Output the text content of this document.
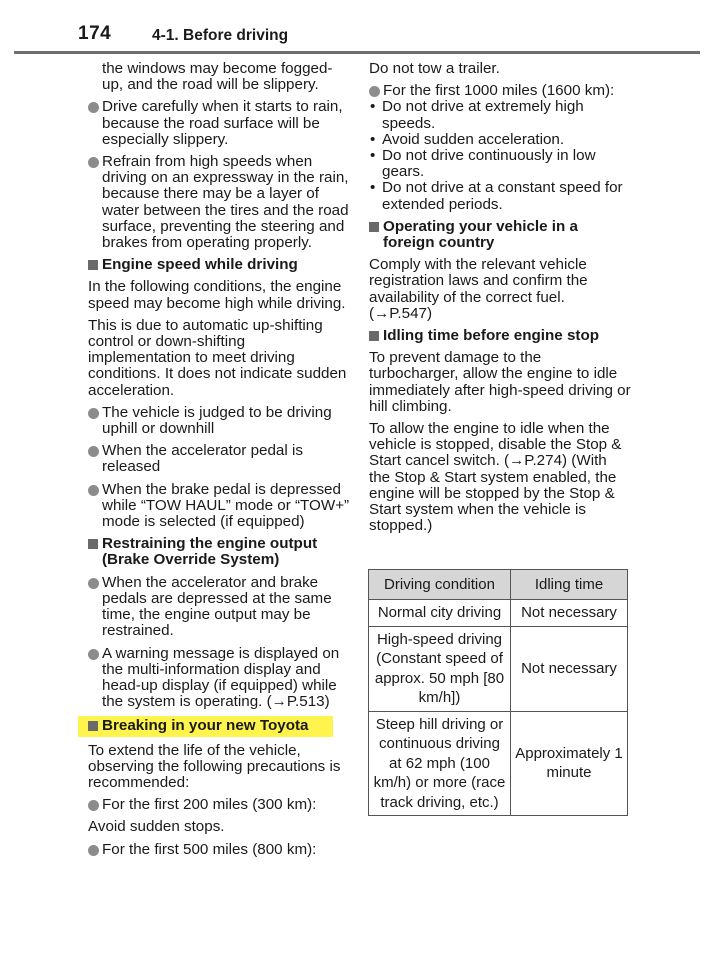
174	4-1. Before driving
the windows may become fogged-up, and the road will be slippery.
Drive carefully when it starts to rain, because the road surface will be especially slippery.
Refrain from high speeds when driving on an expressway in the rain, because there may be a layer of water between the tires and the road surface, preventing the steering and brakes from operating properly.
Engine speed while driving

In the following conditions, the engine speed may become high while driving.

This is due to automatic up-shifting control or down-shifting implementation to meet driving conditions. It does not indicate sudden acceleration.

The vehicle is judged to be driving uphill or downhill
When the accelerator pedal is released
When the brake pedal is depressed while “TOW HAUL” mode or “TOW+” mode is selected (if equipped)
Restraining the engine output (Brake Override System)
When the accelerator and brake pedals are depressed at the same time, the engine output may be restrained.
A warning message is displayed on the multi-information display and head-up display (if equipped) while the system is operating. (→P.513)
Breaking in your new Toyota

To extend the life of the vehicle, observing the following precautions is recommended:

For the first 200 miles (300 km):

Avoid sudden stops.

For the first 500 miles (800 km):

Do not tow a trailer.

For the first 1000 miles (1600 km):
• Do not drive at extremely high speeds.
• Avoid sudden acceleration.
• Do not drive continuously in low gears.
• Do not drive at a constant speed for extended periods.
Operating your vehicle in a foreign country

Comply with the relevant vehicle registration laws and confirm the availability of the correct fuel. (→P.547)

Idling time before engine stop

To prevent damage to the turbocharger, allow the engine to idle immediately after high-speed driving or hill climbing.

To allow the engine to idle when the vehicle is stopped, disable the Stop & Start cancel switch. (→P.274) (With the Stop & Start system enabled, the engine will be stopped by the Stop & Start system when the vehicle is stopped.)

Driving condition	Idling time
Normal city driving	Not necessary
High-speed driving (Constant speed of approx. 50 mph [80 km/h])	Not necessary
Steep hill driving or continuous driving at 62 mph (100 km/h) or more (race track driving, etc.)	Approximately 1 minute
